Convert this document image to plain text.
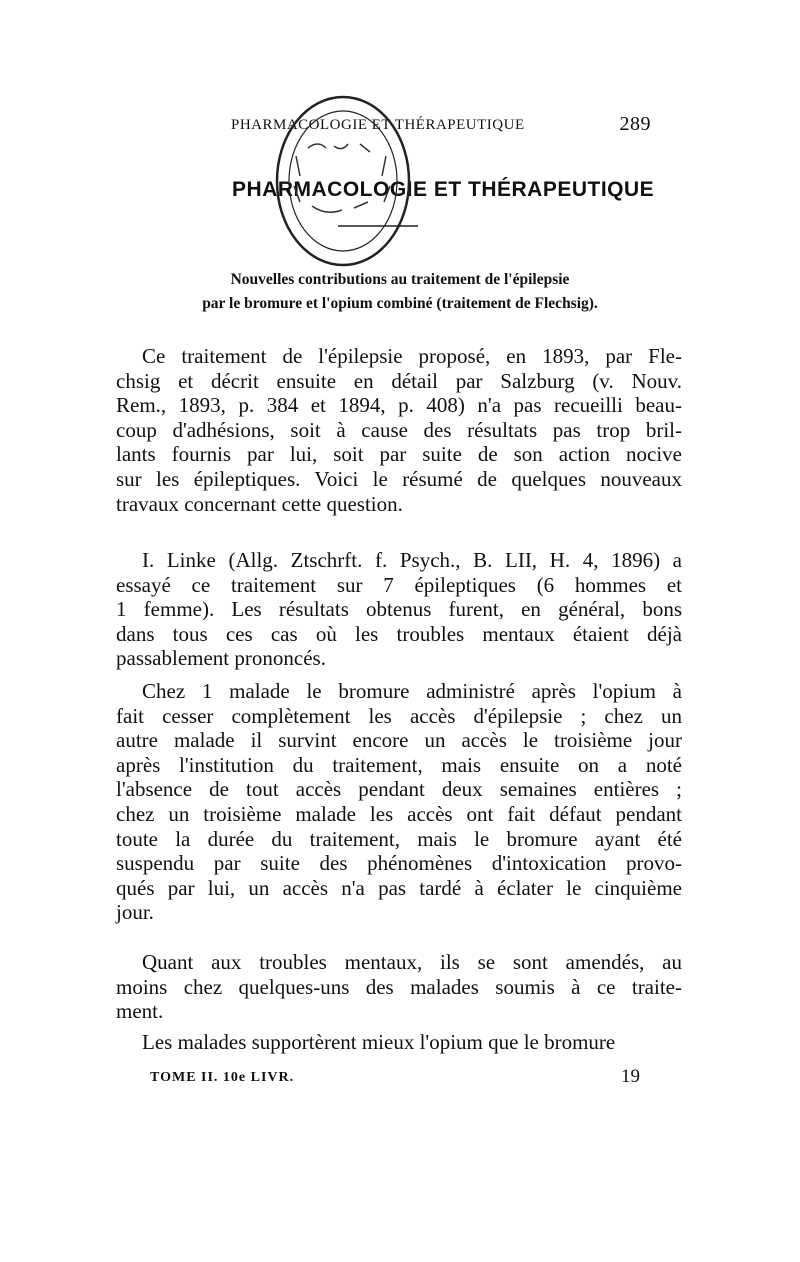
PHARMACOLOGIE ET THÉRAPEUTIQUE	289
PHARMACOLOGIE ET THÉRAPEUTIQUE
Nouvelles contributions au traitement de l'épilepsie
par le bromure et l'opium combiné (traitement de Flechsig).
Ce traitement de l'épilepsie proposé, en 1893, par Fle-
chsig et décrit ensuite en détail par Salzburg (v. Nouv.
Rem., 1893, p. 384 et 1894, p. 408) n'a pas recueilli beau-
coup d'adhésions, soit à cause des résultats pas trop bril-
lants fournis par lui, soit par suite de son action nocive
sur les épileptiques. Voici le résumé de quelques nouveaux
travaux concernant cette question.
I. Linke (Allg. Ztschrft. f. Psych., B. LII, H. 4, 1896) a
essayé ce traitement sur 7 épileptiques (6 hommes et
1 femme). Les résultats obtenus furent, en général, bons
dans tous ces cas où les troubles mentaux étaient déjà
passablement prononcés.
Chez 1 malade le bromure administré après l'opium à
fait cesser complètement les accès d'épilepsie ; chez un
autre malade il survint encore un accès le troisième jour
après l'institution du traitement, mais ensuite on a noté
l'absence de tout accès pendant deux semaines entières ;
chez un troisième malade les accès ont fait défaut pendant
toute la durée du traitement, mais le bromure ayant été
suspendu par suite des phénomènes d'intoxication provo-
qués par lui, un accès n'a pas tardé à éclater le cinquième
jour.
Quant aux troubles mentaux, ils se sont amendés, au
moins chez quelques-uns des malades soumis à ce traite-
ment.
Les malades supportèrent mieux l'opium que le bromure
TOME II. 10e LIVR.	19
